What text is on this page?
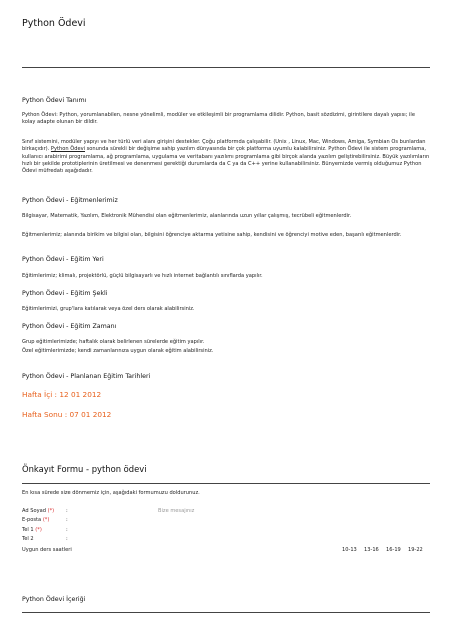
Python Ödevi
Python Ödevi Tanımı
Python Ödevi: Python, yorumlanabilen, nesne yönelimli, modüler ve etkileşimli bir programlama dilidir. Python, basit sözdizimi, girintilere dayalı yapısı; ile kolay adapte olunan bir dildir.
Sınıf sistemini, modüler yapıyı ve her türlü veri alanı girişini destekler. Çoğu platformda çalışabilir. (Unix , Linux, Mac, Windows, Amiga, Symbian Os bunlardan birkaçıdır). Python Ödevi sonunda sürekli bir değişime sahip yazılım dünyasında bir çok platforma uyumlu kalabilirsiniz. Python Ödevi ile sistem programlama, kullanıcı arabirimi programlama, ağ programlama, uygulama ve veritabanı yazılımı programlama gibi birçok alanda yazılım geliştirebilirsiniz. Büyük yazılımların hızlı bir şekilde prototiplerinin üretilmesi ve denenmesi gerektiği durumlarda da C ya da C++ yerine kullanabilirsiniz. Bünyemizde vermiş olduğumuz Python Ödevi müfredatı aşağıdadır.
Python Ödevi - Eğitmenlerimiz
Bilgisayar, Matematik, Yazılım, Elektronik Mühendisi olan eğitmenlerimiz, alanlarında uzun yıllar çalışmış, tecrübeli eğitmenlerdir.
Eğitmenlerimiz; alanında birikim ve bilgisi olan, bilgisini öğrenciye aktarma yetisine sahip, kendisini ve öğrenciyi motive eden, başarılı eğitmenlerdir.
Python Ödevi - Eğitim Yeri
Eğitimlerimiz; klimalı, projektörlü, güçlü bilgisayarlı ve hızlı internet bağlantılı sınıflarda yapılır.
Python Ödevi - Eğitim Şekli
Eğitimlerimizi, grup'lara katılarak veya özel ders olarak alabilirsiniz.
Python Ödevi - Eğitim Zamanı
Grup eğitimlerimizde; haftalık olarak belirlenen sürelerde eğitim yapılır.
Özel eğitimlerimizde; kendi zamanlarınıza uygun olarak eğitim alabilirsiniz.
Python Ödevi - Planlanan Eğitim Tarihleri
Hafta İçi : 12 01 2012
Hafta Sonu : 07 01 2012
Önkayıt Formu - python ödevi
En kısa sürede size dönmemiz için, aşağıdaki formumuzu doldurunuz.
Ad Soyad (*) :
E-posta (*)	:
Tel 1 (*)	:
Tel 2	:
Bize mesajınız
Uygun ders saatleri	10-13 13-16 16-19 19-22
Python Ödevi İçeriği
